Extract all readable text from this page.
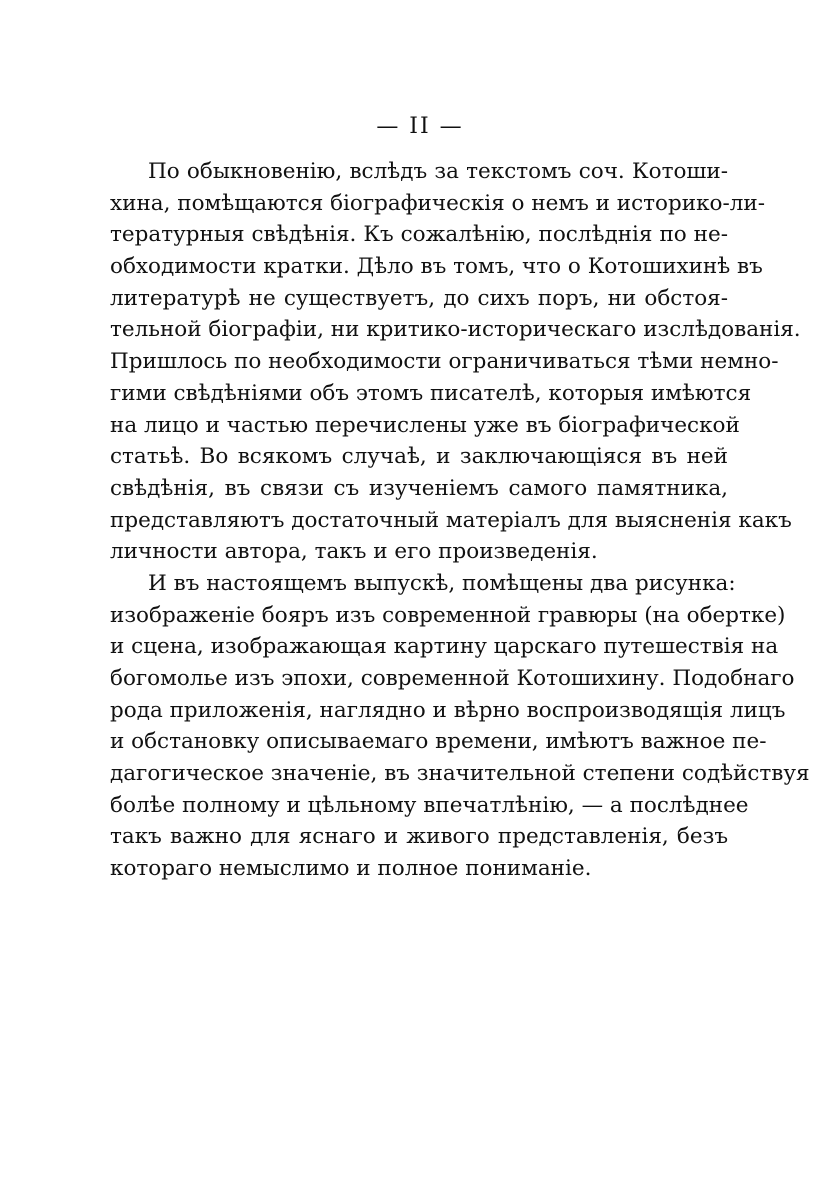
— II —
По обыкновенію, вслѣдъ за текстомъ соч. Котоши-
хина, помѣщаются біографическія о немъ и историко-ли-
тературныя свѣдѣнія. Къ сожалѣнію, послѣднія по не-
обходимости кратки. Дѣло въ томъ, что о Котошихинѣ въ
литературѣ не существуетъ, до сихъ поръ, ни обстоя-
тельной біографіи, ни критико-историческаго изслѣдованія.
Пришлось по необходимости ограничиваться тѣми немно-
гими свѣдѣніями объ этомъ писателѣ, которыя имѣются
на лицо и частью перечислены уже въ біографической
статьѣ. Во всякомъ случаѣ, и заключающіяся въ ней
свѣдѣнія, въ связи съ изученіемъ самого памятника,
представляютъ достаточный матеріалъ для выясненія какъ
личности автора, такъ и его произведенія.
И въ настоящемъ выпускѣ, помѣщены два рисунка:
изображеніе бояръ изъ современной гравюры (на обертке)
и сцена, изображающая картину царскаго путешествія на
богомолье изъ эпохи, современной Котошихину. Подобнаго
рода приложенія, наглядно и вѣрно воспроизводящія лицъ
и обстановку описываемаго времени, имѣютъ важное пе-
дагогическое значеніе, въ значительной степени содѣйствуя
болѣе полному и цѣльному впечатлѣнію, — а послѣднее
такъ важно для яснаго и живого представленія, безъ
котораго немыслимо и полное пониманіе.
